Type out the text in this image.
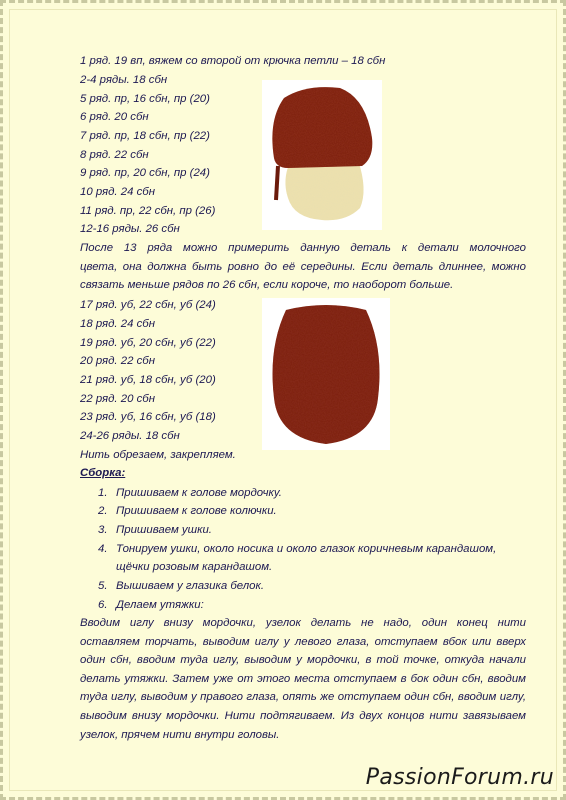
1 ряд. 19 вп, вяжем со второй от крючка петли – 18 сбн
2-4 ряды. 18 сбн
5 ряд. пр, 16 сбн, пр (20)
6 ряд. 20 сбн
7 ряд. пр, 18 сбн, пр (22)
8 ряд. 22 сбн
9 ряд. пр, 20 сбн, пр (24)
10 ряд. 24 сбн
11 ряд. пр, 22 сбн, пр (26)
12-16 ряды. 26 сбн
После 13 ряда можно примерить данную деталь к детали молочного
цвета, она должна быть ровно до её середины. Если деталь длиннее, можно
связать меньше рядов по 26 сбн, если короче, то наоборот больше.
17 ряд. уб, 22 сбн, уб (24)
18 ряд. 24 сбн
19 ряд. уб, 20 сбн, уб (22)
20 ряд. 22 сбн
21 ряд. уб, 18 сбн, уб (20)
22 ряд. 20 сбн
23 ряд. уб, 16 сбн, уб (18)
24-26 ряды. 18 сбн
Нить обрезаем, закрепляем.
Сборка:
1. Пришиваем к голове мордочку.
2. Пришиваем к голове колючки.
3. Пришиваем ушки.
4. Тонируем ушки, около носика и около глазок коричневым карандашом,
щёчки розовым карандашом.
5. Вышиваем у глазика белок.
6. Делаем утяжки:
Вводим иглу внизу мордочки, узелок делать не надо, один конец нити
оставляем торчать, выводим иглу у левого глаза, отступаем вбок или вверх
один сбн, вводим туда иглу, выводим у мордочки, в той точке, откуда начали
делать утяжки. Затем уже от этого места отступаем в бок один сбн, вводим
туда иглу, выводим у правого глаза, опять же отступаем один сбн, вводим иглу,
выводим внизу мордочки. Нити подтягиваем. Из двух концов нити завязываем
узелок, прячем нити внутри головы.
PassionForum.ru
